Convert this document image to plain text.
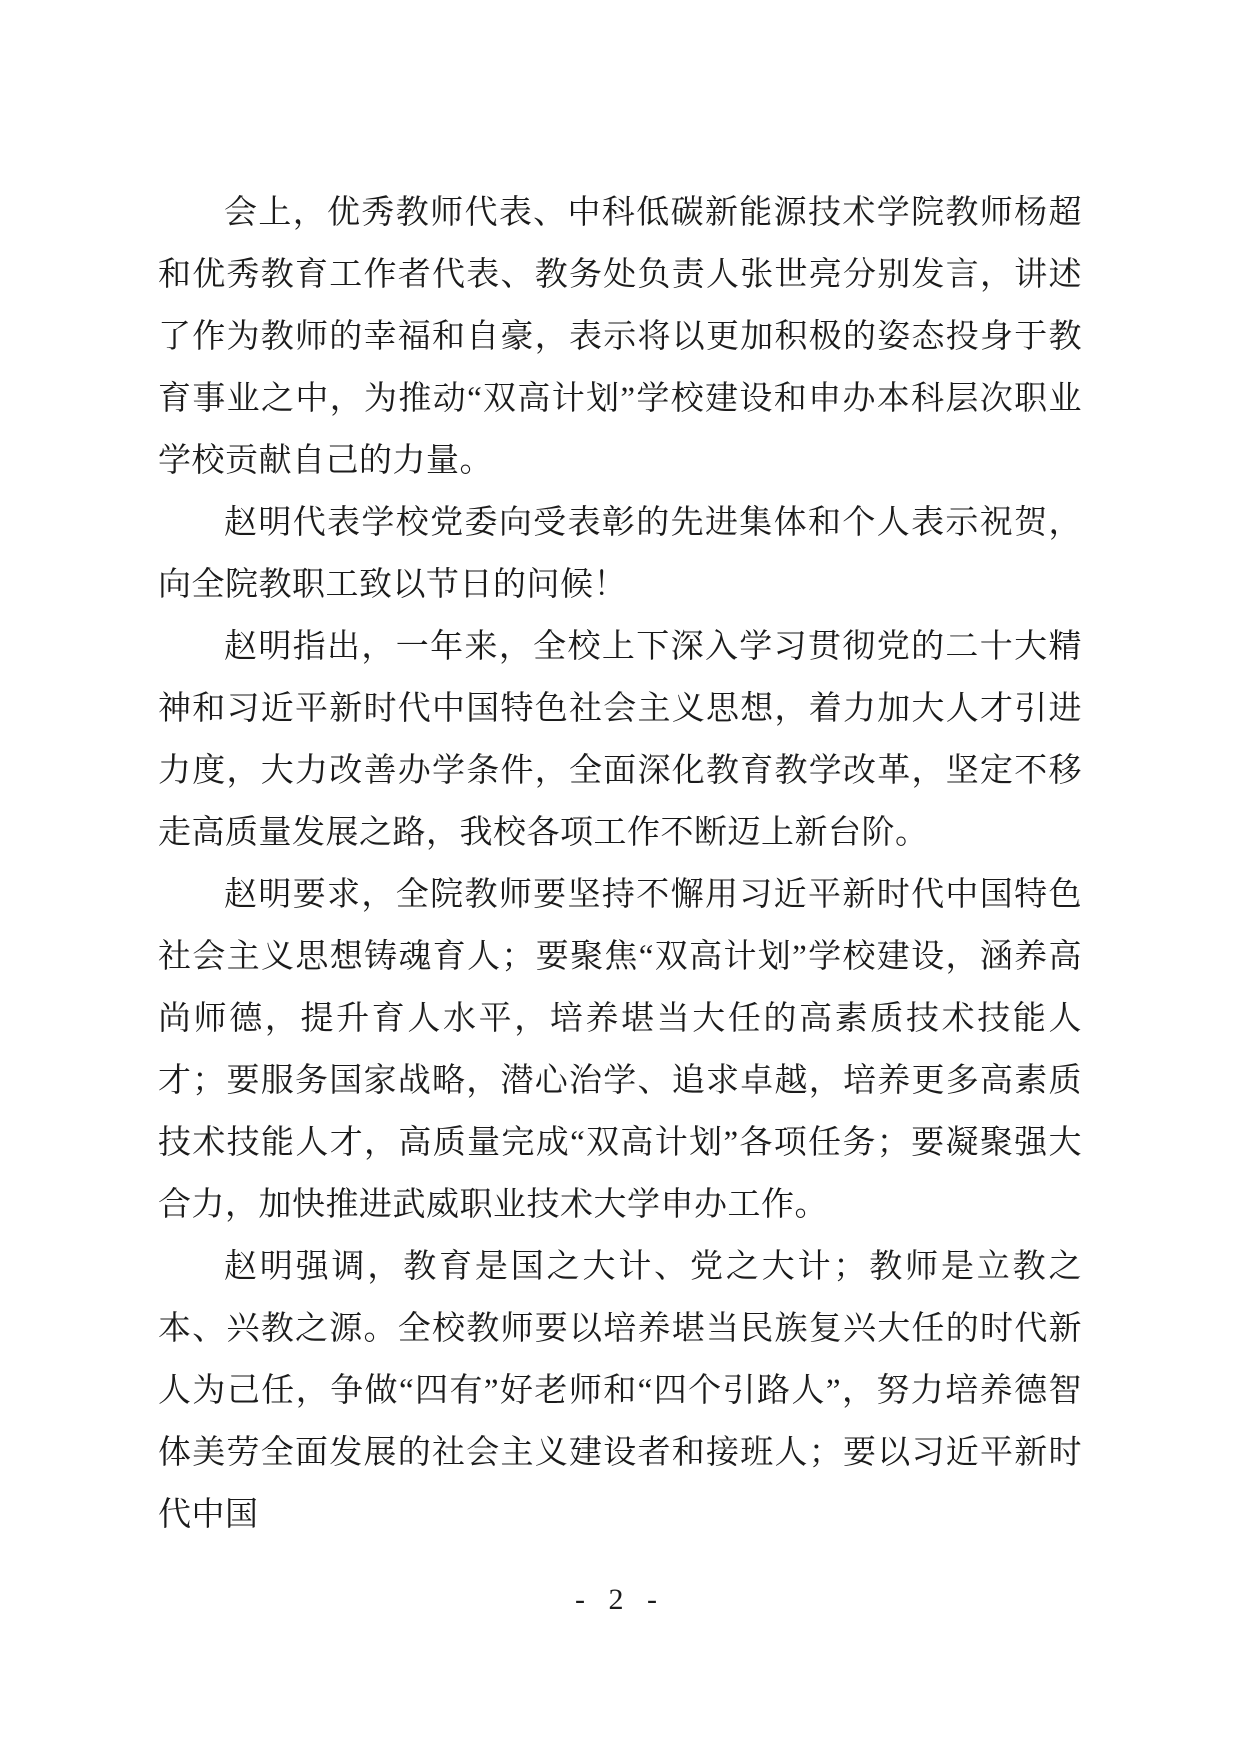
会上，优秀教师代表、中科低碳新能源技术学院教师杨超和优秀教育工作者代表、教务处负责人张世亮分别发言，讲述了作为教师的幸福和自豪，表示将以更加积极的姿态投身于教育事业之中，为推动“双高计划”学校建设和申办本科层次职业学校贡献自己的力量。

赵明代表学校党委向受表彰的先进集体和个人表示祝贺，向全院教职工致以节日的问候！

赵明指出，一年来，全校上下深入学习贯彻党的二十大精神和习近平新时代中国特色社会主义思想，着力加大人才引进力度，大力改善办学条件，全面深化教育教学改革，坚定不移走高质量发展之路，我校各项工作不断迈上新台阶。

赵明要求，全院教师要坚持不懈用习近平新时代中国特色社会主义思想铸魂育人；要聚焦“双高计划”学校建设，涵养高尚师德，提升育人水平，培养堪当大任的高素质技术技能人才；要服务国家战略，潜心治学、追求卓越，培养更多高素质技术技能人才，高质量完成“双高计划”各项任务；要凝聚强大合力，加快推进武威职业技术大学申办工作。

赵明强调，教育是国之大计、党之大计；教师是立教之本、兴教之源。全校教师要以培养堪当民族复兴大任的时代新人为己任，争做“四有”好老师和“四个引路人”，努力培养德智体美劳全面发展的社会主义建设者和接班人；要以习近平新时代中国

- 2 -
